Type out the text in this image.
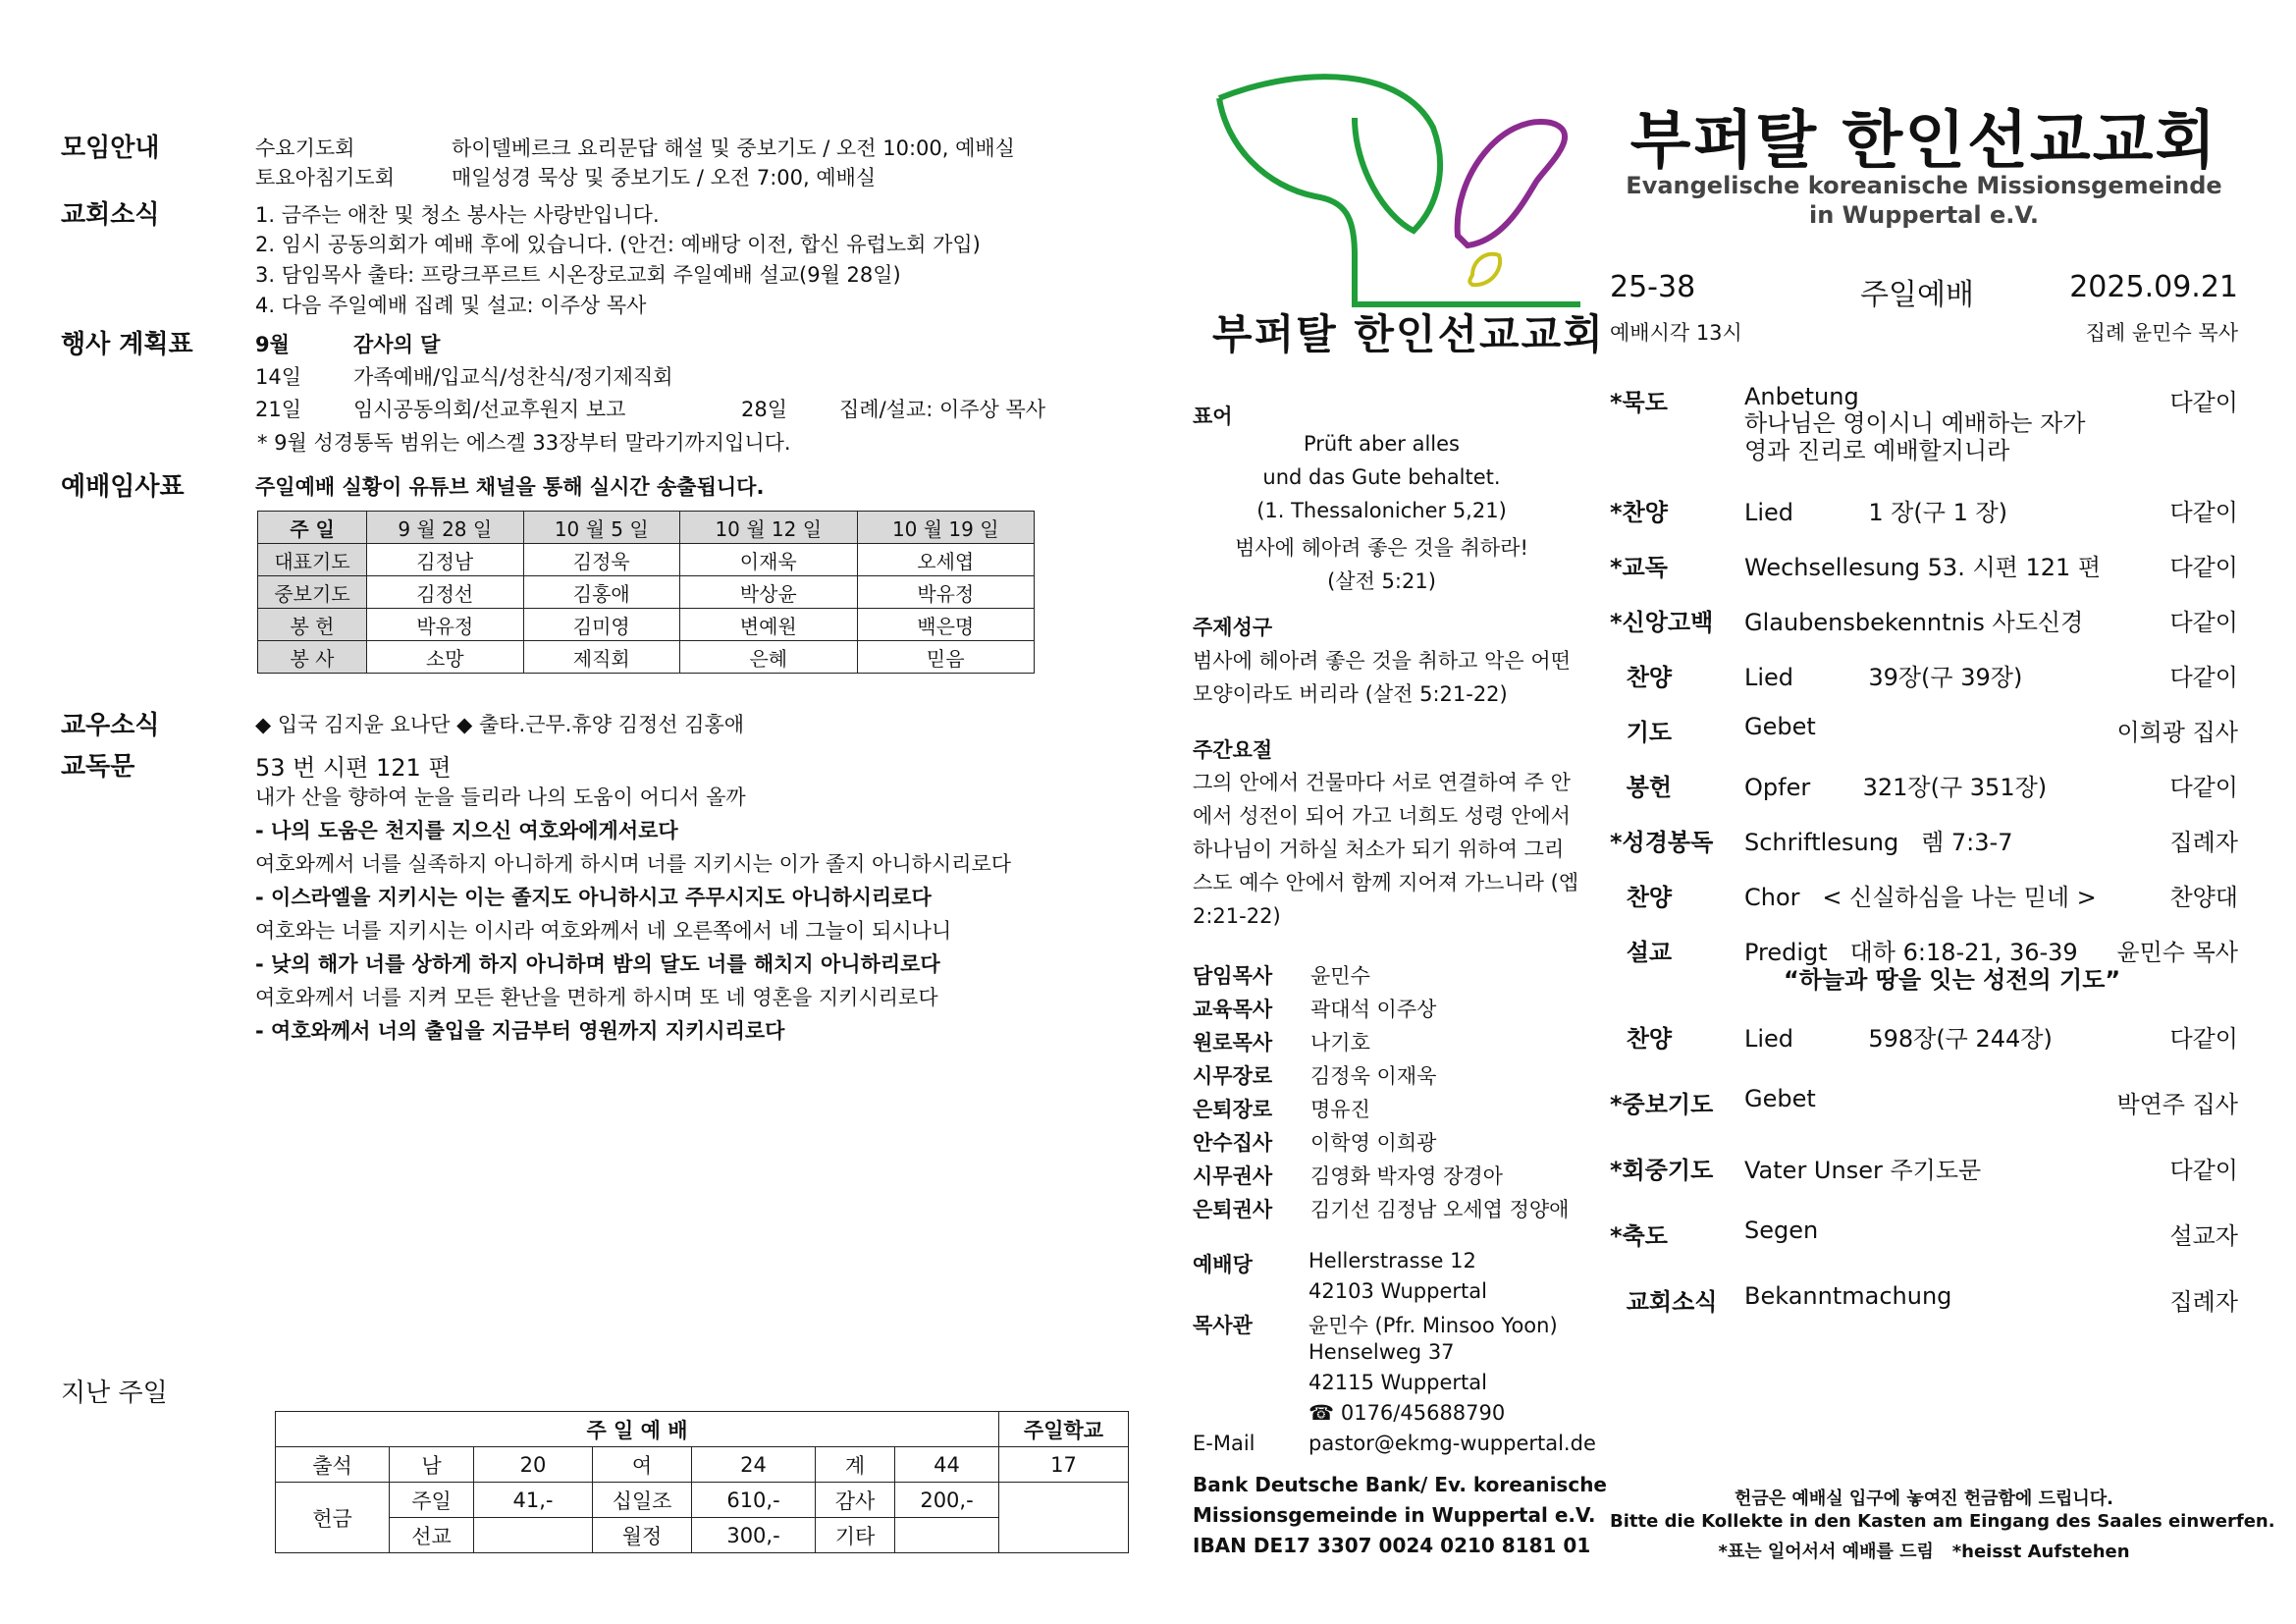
모임안내	수요기도회	하이델베르크 요리문답 해설 및 중보기도 / 오전 10:00, 예배실
토요아침기도회	매일성경 묵상 및 중보기도 / 오전 7:00, 예배실
교회소식	1. 금주는 애찬 및 청소 봉사는 사랑반입니다.
2. 임시 공동의회가 예배 후에 있습니다. (안건: 예배당 이전, 합신 유럽노회 가입)
3. 담임목사 출타: 프랑크푸르트 시온장로교회 주일예배 설교(9월 28일)
4. 다음 주일예배 집례 및 설교: 이주상 목사
행사 계획표	9월	감사의 달
14일	가족예배/입교식/성찬식/정기제직회
21일	임시공동의회/선교후원지 보고	28일	집례/설교: 이주상 목사
* 9월 성경통독 범위는 에스겔 33장부터 말라기까지입니다.
예배임사표	주일예배 실황이 유튜브 채널을 통해 실시간 송출됩니다.
주 일	9 월 28 일	10 월 5 일	10 월 12 일	10 월 19 일
대표기도	김정남	김정욱	이재욱	오세엽
중보기도	김정선	김홍애	박상윤	박유정
봉 헌	박유정	김미영	변예원	백은명
봉 사	소망	제직회	은혜	믿음
교우소식	◆ 입국 김지윤 요나단 ◆ 출타.근무.휴양 김정선 김홍애
교독문	53 번 시편 121 편
내가 산을 향하여 눈을 들리라 나의 도움이 어디서 올까
- 나의 도움은 천지를 지으신 여호와에게서로다
여호와께서 너를 실족하지 아니하게 하시며 너를 지키시는 이가 졸지 아니하시리로다
- 이스라엘을 지키시는 이는 졸지도 아니하시고 주무시지도 아니하시리로다
여호와는 너를 지키시는 이시라 여호와께서 네 오른쪽에서 네 그늘이 되시나니
- 낮의 해가 너를 상하게 하지 아니하며 밤의 달도 너를 해치지 아니하리로다
여호와께서 너를 지켜 모든 환난을 면하게 하시며 또 네 영혼을 지키시리로다
- 여호와께서 너의 출입을 지금부터 영원까지 지키시리로다
지난 주일
주 일 예 배							주일학교
출석	남	20	여	24	계	44	17
헌금	주일	41,-	십일조	610,-	감사	200,-	
	선교		월정	300,-	기타		
부퍼탈 한인선교교회
표어
Prüft aber alles
und das Gute behaltet.
(1. Thessalonicher 5,21)
범사에 헤아려 좋은 것을 취하라!
(살전 5:21)
주제성구
범사에 헤아려 좋은 것을 취하고 악은 어떤
모양이라도 버리라 (살전 5:21-22)
주간요절
그의 안에서 건물마다 서로 연결하여 주 안
에서 성전이 되어 가고 너희도 성령 안에서
하나님이 거하실 처소가 되기 위하여 그리
스도 예수 안에서 함께 지어져 가느니라 (엡
2:21-22)
담임목사 윤민수
교육목사 곽대석 이주상
원로목사 나기호
시무장로 김정욱 이재욱
은퇴장로 명유진
안수집사 이학영 이희광
시무권사 김영화 박자영 장경아
은퇴권사 김기선 김정남 오세엽 정양애
예배당	Hellerstrasse 12
42103 Wuppertal
목사관	윤민수 (Pfr. Minsoo Yoon)
Henselweg 37
42115 Wuppertal
☎ 0176/45688790
E-Mail	pastor@ekmg-wuppertal.de
Bank Deutsche Bank/ Ev. koreanische
Missionsgemeinde in Wuppertal e.V.
IBAN DE17 3307 0024 0210 8181 01
부퍼탈 한인선교교회
Evangelische koreanische Missionsgemeinde
in Wuppertal e.V.
25-38	주일예배	2025.09.21
예배시각 13시	집례 윤민수 목사
*묵도	Anbetung	다같이
하나님은 영이시니 예배하는 자가
영과 진리로 예배할지니라
*찬양	Lied          1 장(구 1 장)	다같이
*교독	Wechsellesung 53. 시편 121 편	다같이
*신앙고백 Glaubensbekenntnis 사도신경	다같이
찬양	Lied          39장(구 39장)	다같이
기도	Gebet	이희광 집사
봉헌	Opfer       321장(구 351장)	다같이
*성경봉독 Schriftlesung   렘 7:3-7	집례자
찬양	Chor   < 신실하심을 나는 믿네 >	찬양대
설교	Predigt   대하 6:18-21, 36-39 윤민수 목사
“하늘과 땅을 잇는 성전의 기도”
찬양	Lied          598장(구 244장)	다같이
*중보기도 Gebet	박연주 집사
*회중기도 Vater Unser 주기도문	다같이
*축도	Segen	설교자
교회소식 Bekanntmachung	집례자
헌금은 예배실 입구에 놓여진 헌금함에 드립니다.
Bitte die Kollekte in den Kasten am Eingang des Saales einwerfen.
*표는 일어서서 예배를 드림   *heisst Aufstehen
